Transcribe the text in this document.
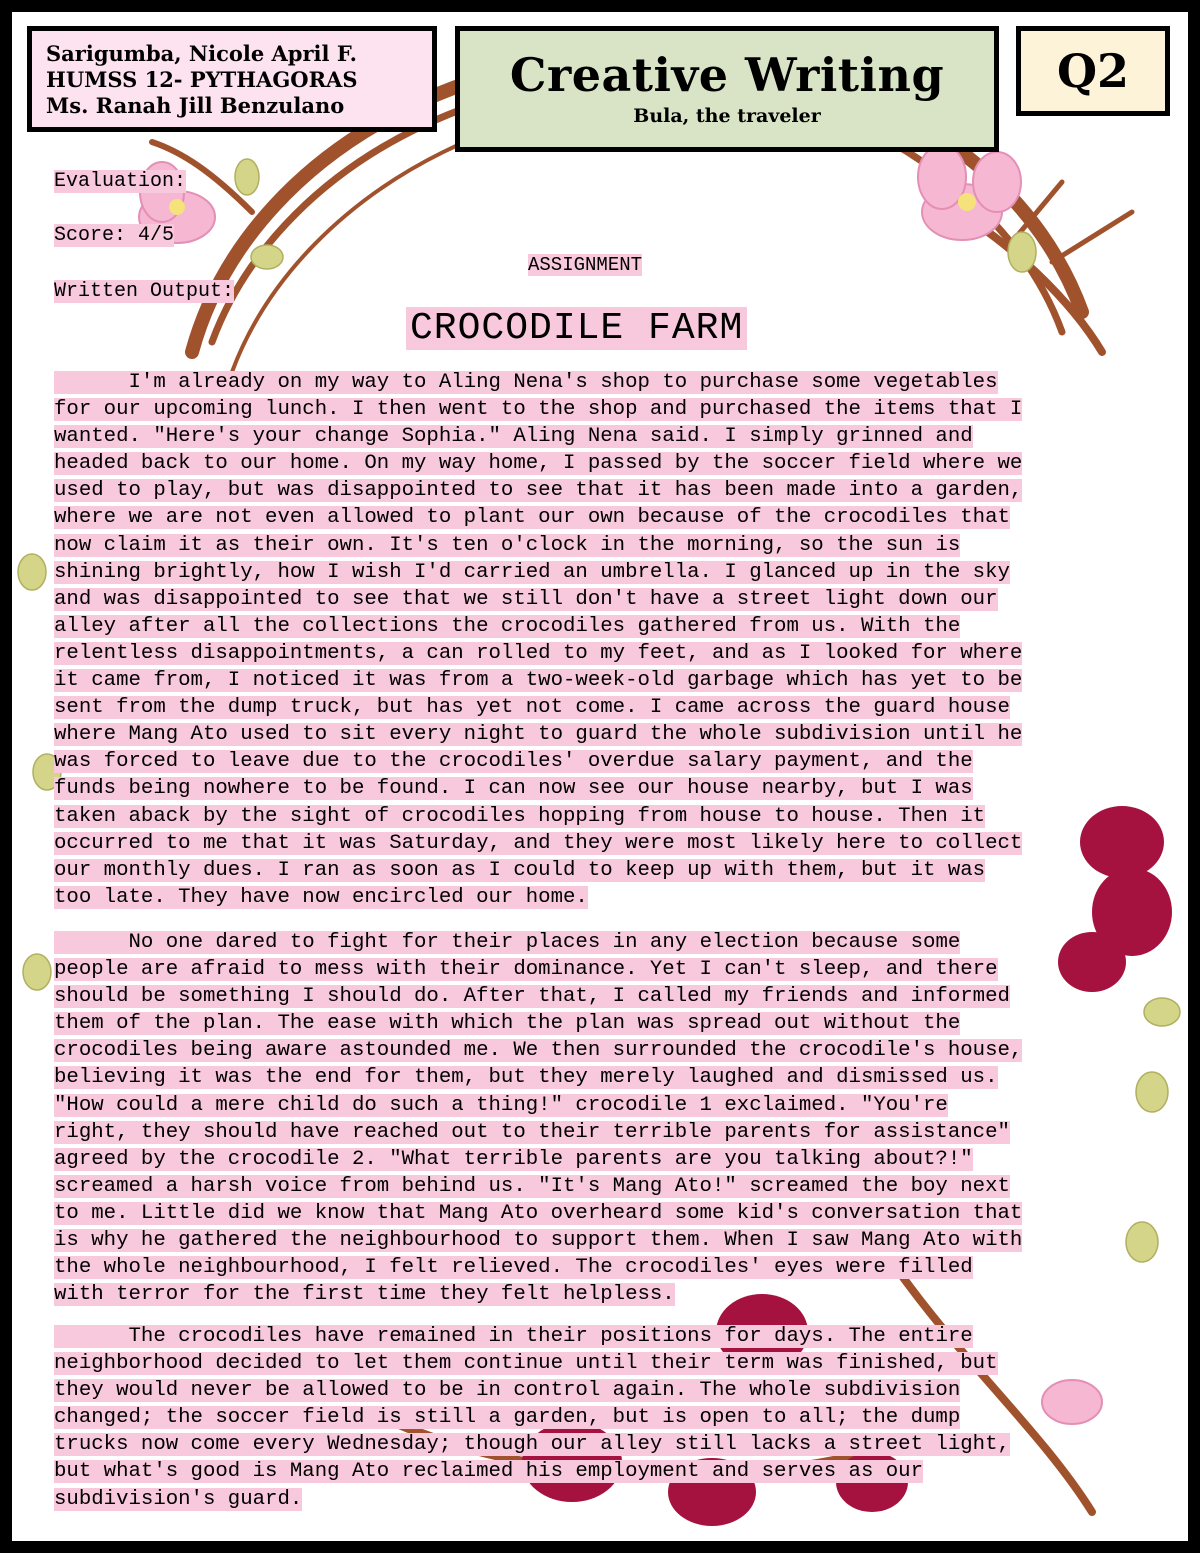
Sarigumba, Nicole April F.
HUMSS 12- PYTHAGORAS
Ms. Ranah Jill Benzulano
Creative Writing
Bula, the traveler
Q2
Evaluation:
Score: 4/5
Written Output:
ASSIGNMENT
CROCODILE FARM

I'm already on my way to Aling Nena's shop to purchase some vegetables
for our upcoming lunch. I then went to the shop and purchased the items that I
wanted. "Here's your change Sophia." Aling Nena said. I simply grinned and
headed back to our home. On my way home, I passed by the soccer field where we
used to play, but was disappointed to see that it has been made into a garden,
where we are not even allowed to plant our own because of the crocodiles that
now claim it as their own. It's ten o'clock in the morning, so the sun is
shining brightly, how I wish I'd carried an umbrella. I glanced up in the sky
and was disappointed to see that we still don't have a street light down our
alley after all the collections the crocodiles gathered from us. With the
relentless disappointments, a can rolled to my feet, and as I looked for where
it came from, I noticed it was from a two-week-old garbage which has yet to be
sent from the dump truck, but has yet not come. I came across the guard house
where Mang Ato used to sit every night to guard the whole subdivision until he
was forced to leave due to the crocodiles' overdue salary payment, and the
funds being nowhere to be found. I can now see our house nearby, but I was
taken aback by the sight of crocodiles hopping from house to house. Then it
occurred to me that it was Saturday, and they were most likely here to collect
our monthly dues. I ran as soon as I could to keep up with them, but it was
too late. They have now encircled our home.

No one dared to fight for their places in any election because some
people are afraid to mess with their dominance. Yet I can't sleep, and there
should be something I should do. After that, I called my friends and informed
them of the plan. The ease with which the plan was spread out without the
crocodiles being aware astounded me. We then surrounded the crocodile's house,
believing it was the end for them, but they merely laughed and dismissed us.
"How could a mere child do such a thing!" crocodile 1 exclaimed. "You're
right, they should have reached out to their terrible parents for assistance"
agreed by the crocodile 2. "What terrible parents are you talking about?!"
screamed a harsh voice from behind us. "It's Mang Ato!" screamed the boy next
to me. Little did we know that Mang Ato overheard some kid's conversation that
is why he gathered the neighbourhood to support them. When I saw Mang Ato with
the whole neighbourhood, I felt relieved. The crocodiles' eyes were filled
with terror for the first time they felt helpless.

The crocodiles have remained in their positions for days. The entire
neighborhood decided to let them continue until their term was finished, but
they would never be allowed to be in control again. The whole subdivision
changed; the soccer field is still a garden, but is open to all; the dump
trucks now come every Wednesday; though our alley still lacks a street light,
but what's good is Mang Ato reclaimed his employment and serves as our
subdivision's guard.
